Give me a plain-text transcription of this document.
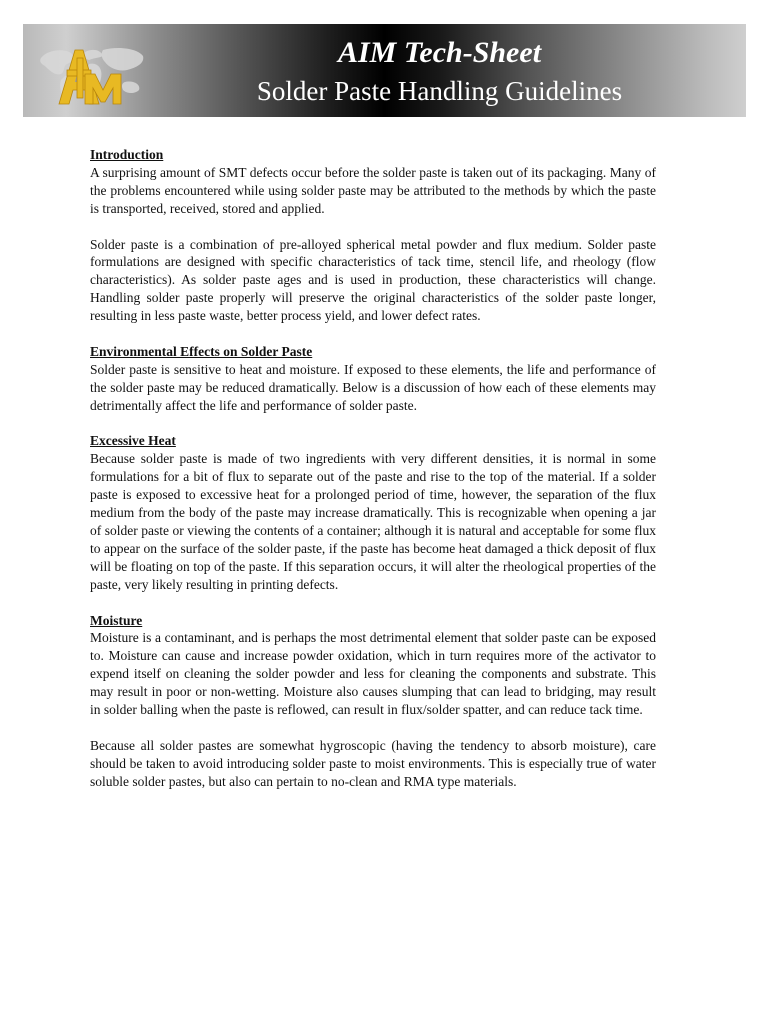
AIM Tech-Sheet
Solder Paste Handling Guidelines
Introduction

A surprising amount of SMT defects occur before the solder paste is taken out of its packaging. Many of the problems encountered while using solder paste may be attributed to the methods by which the paste is transported, received, stored and applied.

Solder paste is a combination of pre-alloyed spherical metal powder and flux medium. Solder paste formulations are designed with specific characteristics of tack time, stencil life, and rheology (flow characteristics). As solder paste ages and is used in production, these characteristics will change. Handling solder paste properly will preserve the original characteristics of the solder paste longer, resulting in less paste waste, better process yield, and lower defect rates.

Environmental Effects on Solder Paste

Solder paste is sensitive to heat and moisture. If exposed to these elements, the life and performance of the solder paste may be reduced dramatically. Below is a discussion of how each of these elements may detrimentally affect the life and performance of solder paste.

Excessive Heat

Because solder paste is made of two ingredients with very different densities, it is normal in some formulations for a bit of flux to separate out of the paste and rise to the top of the material. If a solder paste is exposed to excessive heat for a prolonged period of time, however, the separation of the flux medium from the body of the paste may increase dramatically. This is recognizable when opening a jar of solder paste or viewing the contents of a container; although it is natural and acceptable for some flux to appear on the surface of the solder paste, if the paste has become heat damaged a thick deposit of flux will be floating on top of the paste. If this separation occurs, it will alter the rheological properties of the paste, very likely resulting in printing defects.

Moisture

Moisture is a contaminant, and is perhaps the most detrimental element that solder paste can be exposed to. Moisture can cause and increase powder oxidation, which in turn requires more of the activator to expend itself on cleaning the solder powder and less for cleaning the components and substrate. This may result in poor or non-wetting. Moisture also causes slumping that can lead to bridging, may result in solder balling when the paste is reflowed, can result in flux/solder spatter, and can reduce tack time.

Because all solder pastes are somewhat hygroscopic (having the tendency to absorb moisture), care should be taken to avoid introducing solder paste to moist environments. This is especially true of water soluble solder pastes, but also can pertain to no-clean and RMA type materials.
